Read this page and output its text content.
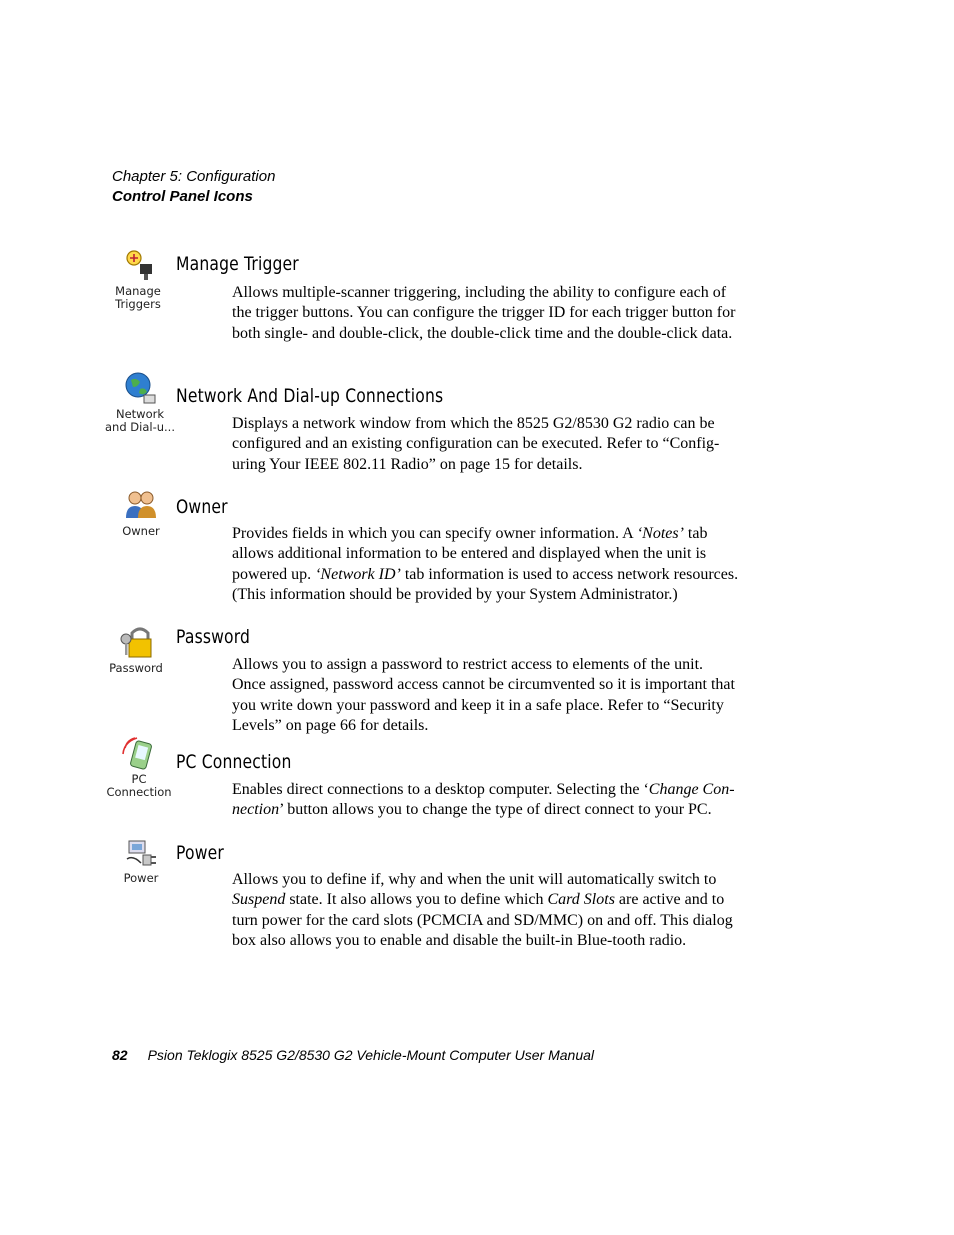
Chapter 5: Configuration
Control Panel Icons
Manage
Triggers
Manage Trigger
Allows multiple-scanner triggering, including the ability to configure each of the trigger buttons. You can configure the trigger ID for each trigger button for both single- and double-click, the double-click time and the double-click data.
Network
and Dial-u...
Network And Dial-up Connections
Displays a network window from which the 8525 G2/8530 G2 radio can be configured and an existing configuration can be executed. Refer to “Config-uring Your IEEE 802.11 Radio” on page 15 for details.
Owner
Owner
Provides fields in which you can specify owner information. A ‘Notes’ tab allows additional information to be entered and displayed when the unit is powered up. ‘Network ID’ tab information is used to access network resources. (This information should be provided by your System Administrator.)
Password
Password
Allows you to assign a password to restrict access to elements of the unit. Once assigned, password access cannot be circumvented so it is important that you write down your password and keep it in a safe place. Refer to “Security Levels” on page 66 for details.
PC
Connection
PC Connection
Enables direct connections to a desktop computer. Selecting the ‘Change Con-nection’ button allows you to change the type of direct connect to your PC.
Power
Power
Allows you to define if, why and when the unit will automatically switch to Suspend state. It also allows you to define which Card Slots are active and to turn power for the card slots (PCMCIA and SD/MMC) on and off. This dialog box also allows you to enable and disable the built-in Blue-tooth radio.
82 Psion Teklogix 8525 G2/8530 G2 Vehicle-Mount Computer User Manual
